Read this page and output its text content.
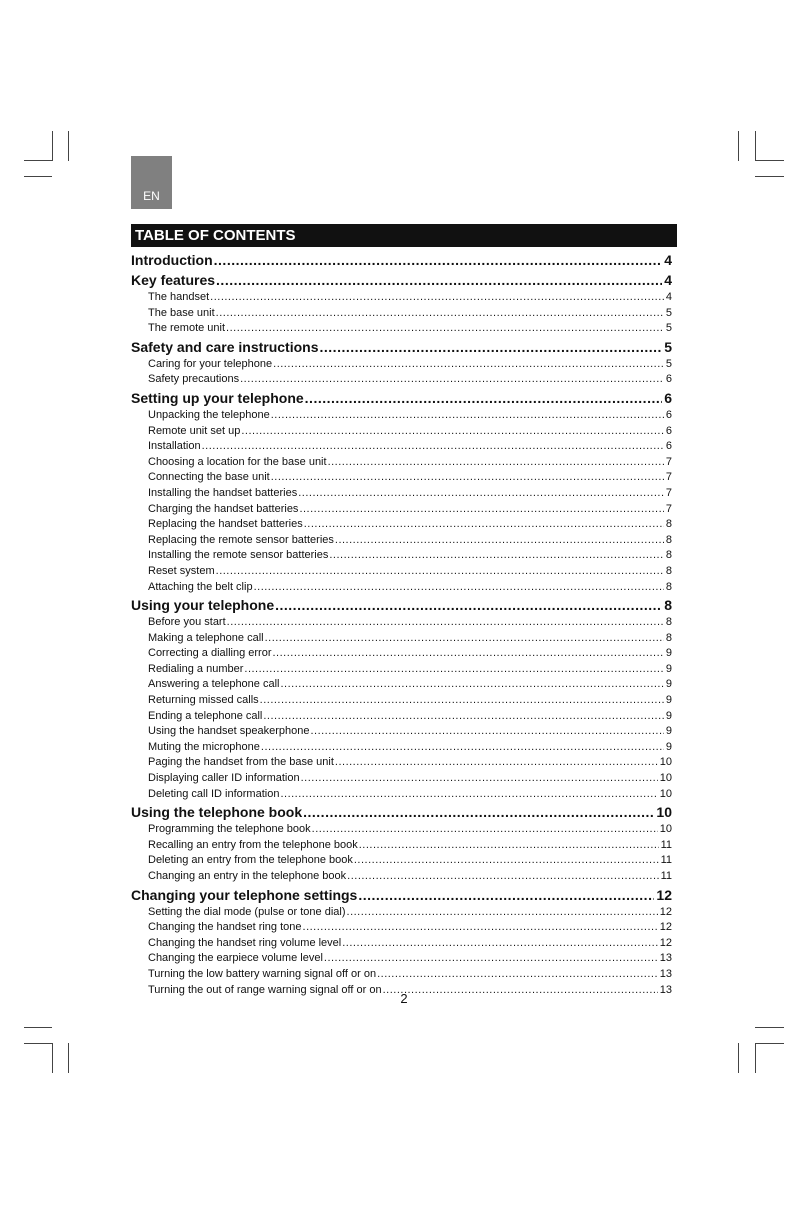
EN
TABLE OF CONTENTS
Introduction .....	4
Key features .....	4
The handset .....	4
The base unit .....	5
The remote unit .....	5
Safety and care instructions .....	5
Caring for your telephone .....	5
Safety precautions .....	6
Setting up your telephone .....	6
Unpacking the telephone .....	6
Remote unit set up .....	6
Installation .....	6
Choosing a location for the base unit .....	7
Connecting the base unit .....	7
Installing the handset batteries .....	7
Charging the handset batteries .....	7
Replacing the handset batteries .....	8
Replacing the remote sensor batteries .....	8
Installing the remote sensor batteries .....	8
Reset system .....	8
Attaching the belt clip .....	8
Using your telephone .....	8
Before you start .....	8
Making a telephone call .....	8
Correcting a dialling error .....	9
Redialing a number .....	9
Answering a telephone call .....	9
Returning missed calls .....	9
Ending a telephone call .....	9
Using the handset speakerphone .....	9
Muting the microphone .....	9
Paging the handset from the base unit .....	10
Displaying caller ID information .....	10
Deleting call ID information .....	10
Using the telephone book .....	10
Programming the telephone book .....	10
Recalling an entry from the telephone book .....	11
Deleting an entry from the telephone book .....	11
Changing an entry in the telephone book .....	11
Changing your telephone settings .....	12
Setting the dial mode (pulse or tone dial) .....	12
Changing the handset ring tone .....	12
Changing the handset ring volume level .....	12
Changing the earpiece volume level .....	13
Turning the low battery warning signal off or on .....	13
Turning the out of range warning signal off or on .....	13
2
